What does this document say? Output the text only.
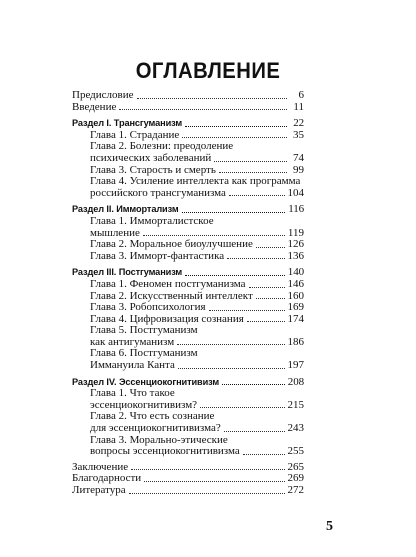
ОГЛАВЛЕНИЕ
Предисловие	6
Введение	11
Раздел I. Трансгуманизм	22
Глава 1. Страдание	35
Глава 2. Болезни: преодоление
психических заболеваний	74
Глава 3. Старость и смерть	99
Глава 4. Усиление интеллекта как программа
российского трансгуманизма	104
Раздел II. Иммортализм	116
Глава 1. Имморталистское
мышление	119
Глава 2. Моральное биоулучшение	126
Глава 3. Имморт-фантастика	136
Раздел III. Постгуманизм	140
Глава 1. Феномен постгуманизма	146
Глава 2. Искусственный интеллект	160
Глава 3. Робопсихология	169
Глава 4. Цифровизация сознания	174
Глава 5. Постгуманизм
как антигуманизм	186
Глава 6. Постгуманизм
Иммануила Канта	197
Раздел IV. Эссенциокогнитивизм	208
Глава 1. Что такое
эссенциокогнитивизм?	215
Глава 2. Что есть сознание
для эссенциокогнитивизма?	243
Глава 3. Морально-этические
вопросы эссенциокогнитивизма	255
Заключение	265
Благодарности	269
Литература	272
5
